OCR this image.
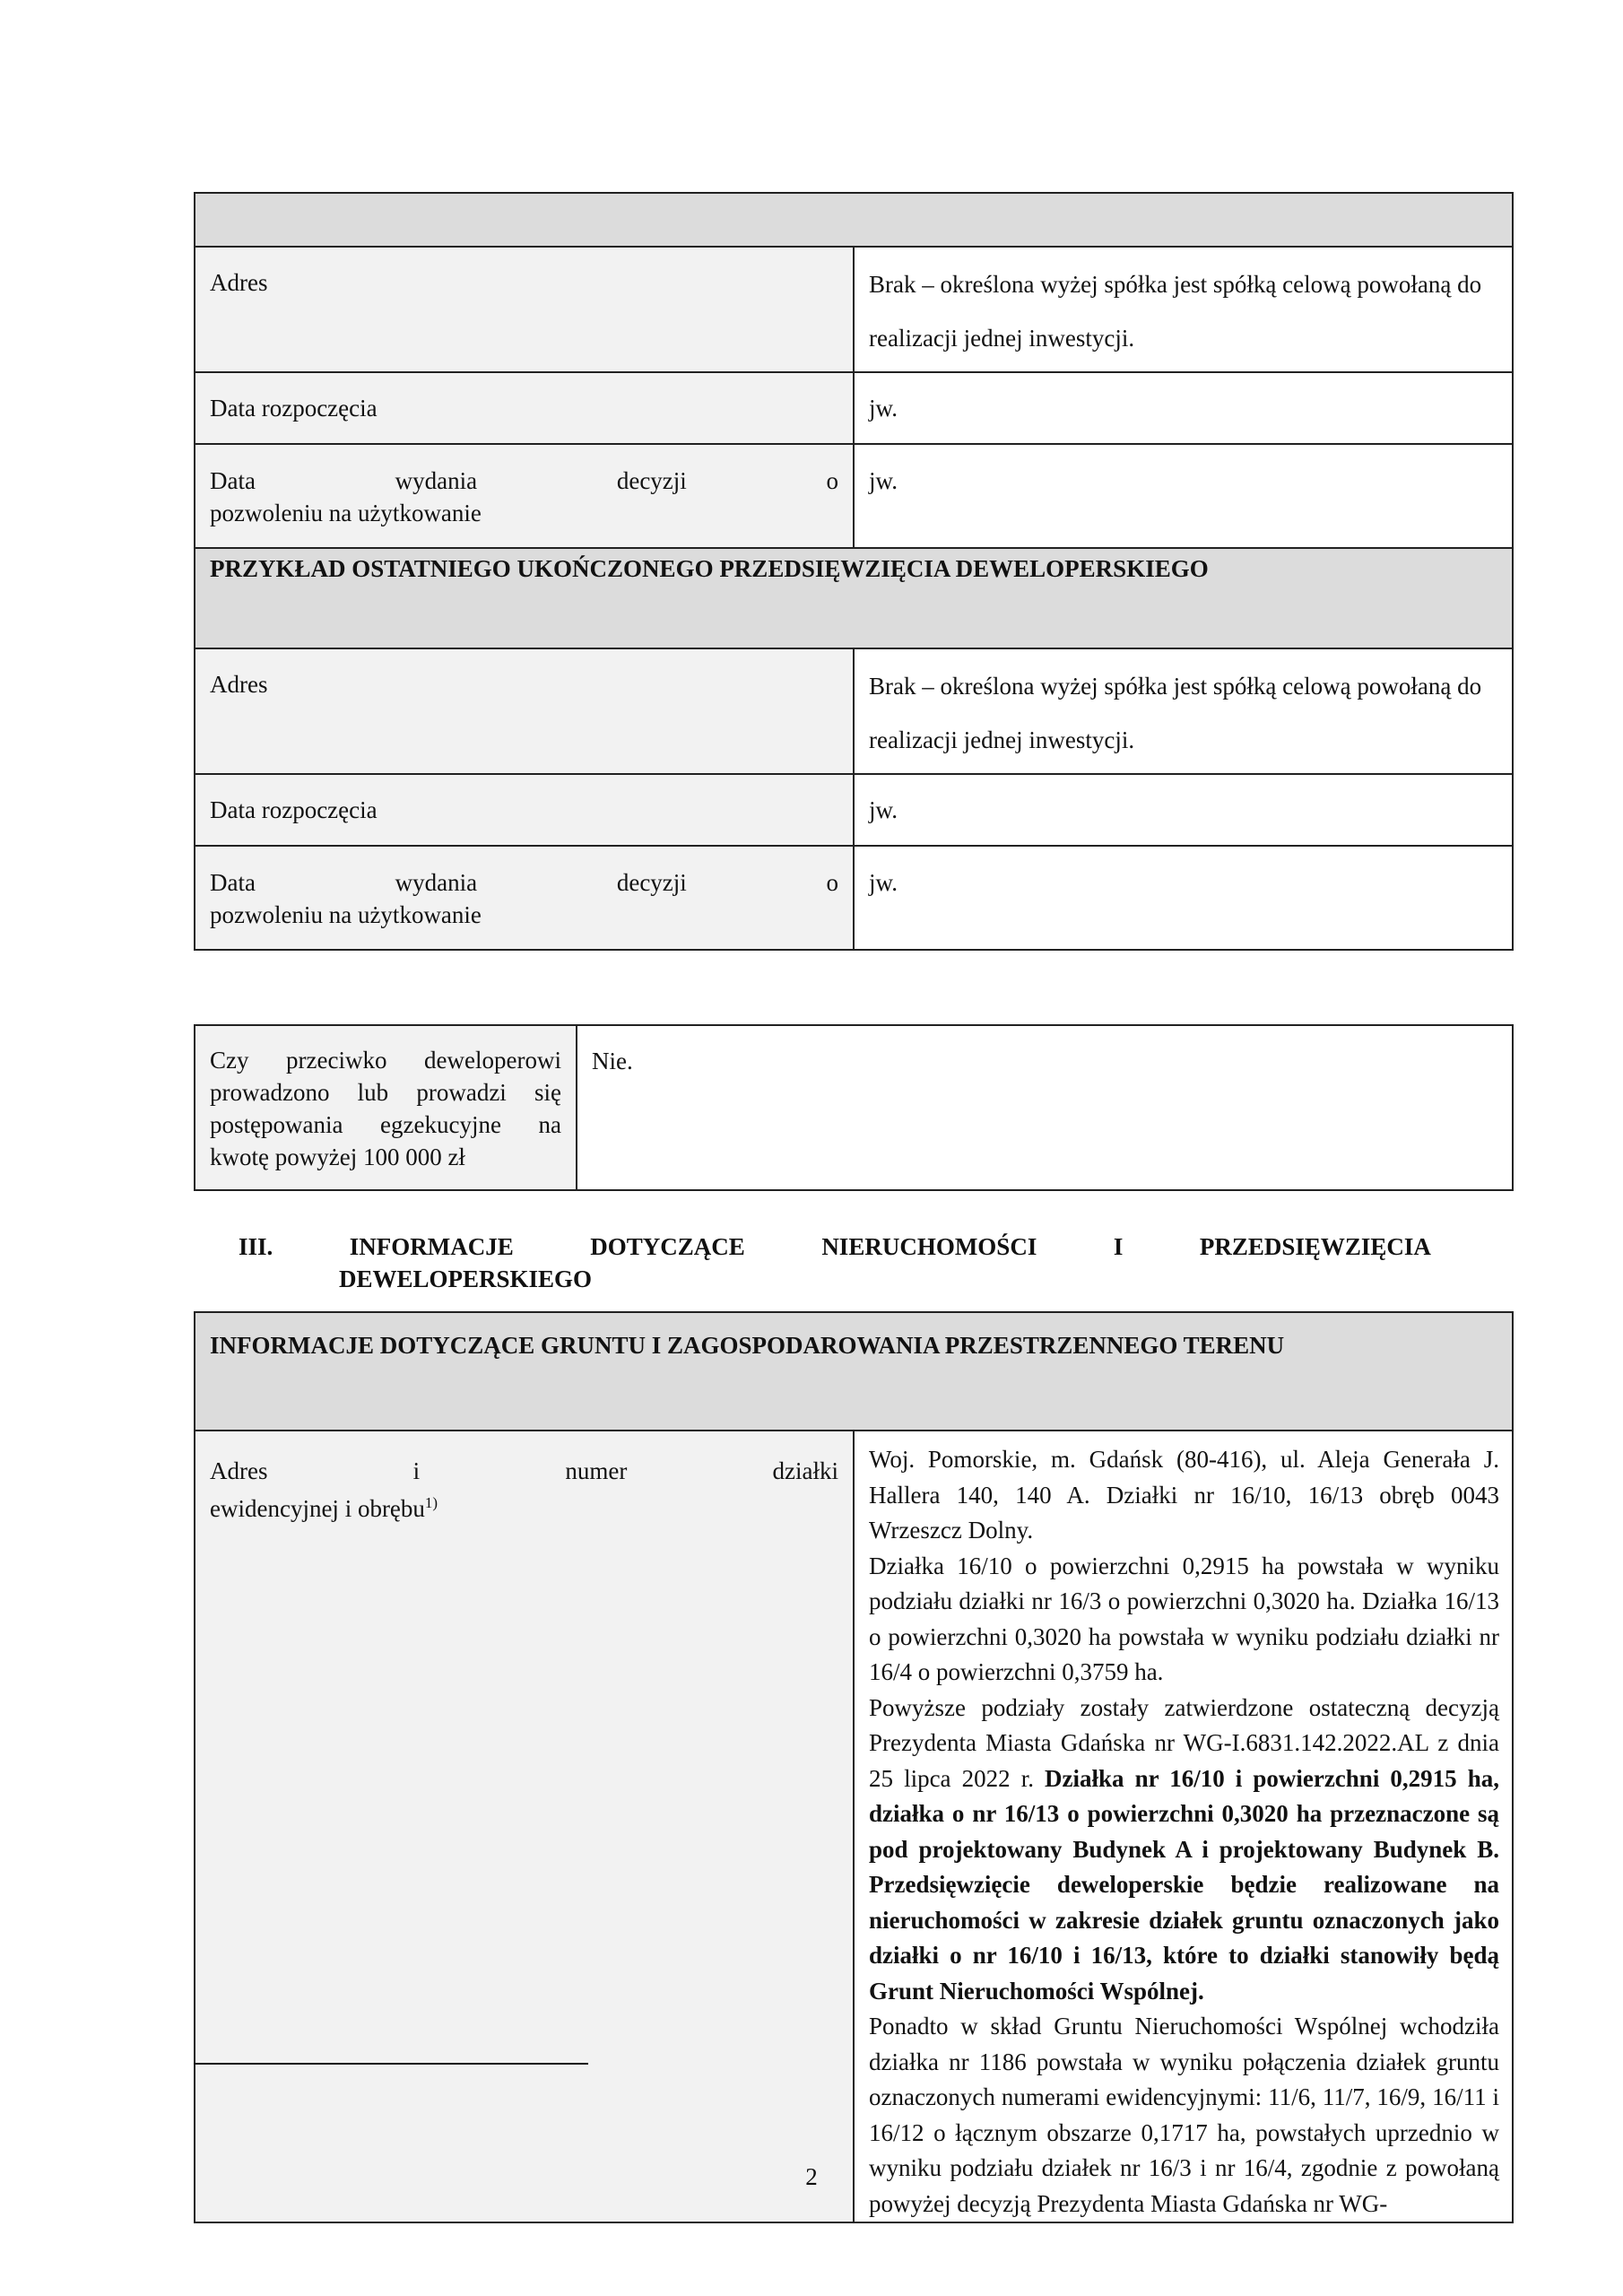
Adres	Brak – określona wyżej spółka jest spółką celową powołaną do
realizacji jednej inwestycji.

Data rozpoczęcia	jw.

Data wydania decyzji o
pozwoleniu na użytkowanie	jw.

PRZYKŁAD OSTATNIEGO UKOŃCZONEGO PRZEDSIĘWZIĘCIA DEWELOPERSKIEGO	

Adres	Brak – określona wyżej spółka jest spółką celową powołaną do
realizacji jednej inwestycji.

Data rozpoczęcia	jw.

Data wydania decyzji o
pozwoleniu na użytkowanie	jw.
Czy przeciwko deweloperowi
prowadzono lub prowadzi się
postępowania egzekucyjne na
kwotę powyżej 100 000 zł

Nie.
III.	INFORMACJE	DOTYCZĄCE	NIERUCHOMOŚCI	I	PRZEDSIĘWZIĘCIA
DEWELOPERSKIEGO
INFORMACJE DOTYCZĄCE GRUNTU I ZAGOSPODAROWANIA PRZESTRZENNEGO TERENU

Adres i numer działki
ewidencyjnej i obrębu$^{1)}$

Woj. Pomorskie, m. Gdańsk (80-416), ul. Aleja Generała J. Hallera 140, 140 A. Działki nr 16/10, 16/13 obręb 0043 Wrzeszcz Dolny.

Działka 16/10 o powierzchni 0,2915 ha powstała w wyniku podziału działki nr 16/3 o powierzchni 0,3020 ha. Działka 16/13 o powierzchni 0,3020 ha powstała w wyniku podziału działki nr 16/4 o powierzchni 0,3759 ha.

Powyższe podziały zostały zatwierdzone ostateczną decyzją Prezydenta Miasta Gdańska nr WG-I.6831.142.2022.AL z dnia 25 lipca 2022 r. Działka nr 16/10 i powierzchni 0,2915 ha, działka o nr 16/13 o powierzchni 0,3020 ha przeznaczone są pod projektowany Budynek A i projektowany Budynek B. Przedsięwzięcie deweloperskie będzie realizowane na nieruchomości w zakresie działek gruntu oznaczonych jako działki o nr 16/10 i 16/13, które to działki stanowiły będą Grunt Nieruchomości Wspólnej.

Ponadto w skład Gruntu Nieruchomości Wspólnej wchodziła działka nr 1186 powstała w wyniku połączenia działek gruntu oznaczonych numerami ewidencyjnymi: 11/6, 11/7, 16/9, 16/11 i 16/12 o łącznym obszarze 0,1717 ha, powstałych uprzednio w wyniku podziału działek nr 16/3 i nr 16/4, zgodnie z powołaną powyżej decyzją Prezydenta Miasta Gdańska nr WG-

2
